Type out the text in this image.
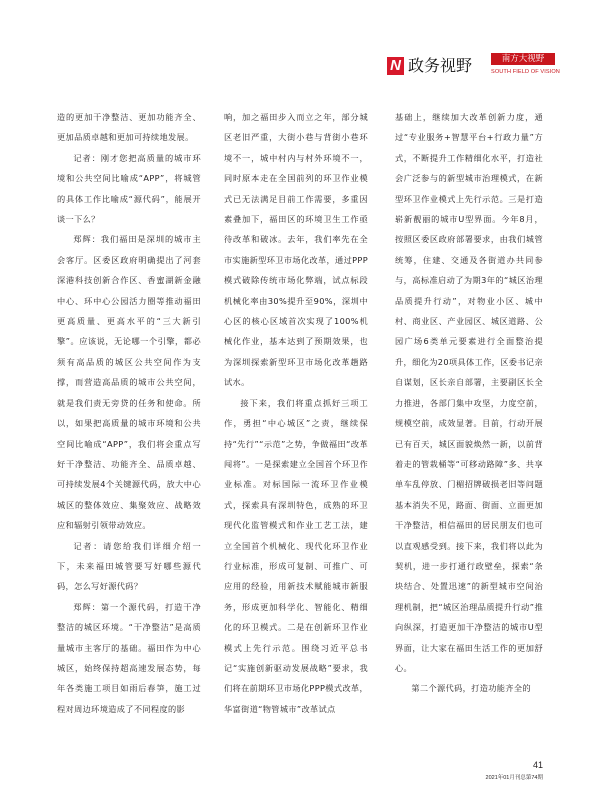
N 政务视野	南方大视野
SOUTH FIELD OF VISION

造的更加干净整洁、更加功能齐全、更加品质卓越和更加可持续地发展。

记者：刚才您把高质量的城市环境和公共空间比喻成“APP”，将城管的具体工作比喻成“源代码”，能展开谈一下么？

郑辉：我们福田是深圳的城市主会客厅。区委区政府明确提出了河套深港科技创新合作区、香蜜湖新金融中心、环中心公园活力圈等推动福田更高质量、更高水平的“三大新引擎”。应该说，无论哪一个引擎，都必须有高品质的城区公共空间作为支撑，而营造高品质的城市公共空间，就是我们责无旁贷的任务和使命。所以，如果把高质量的城市环境和公共空间比喻成“APP”，我们将会重点写好干净整洁、功能齐全、品质卓越、可持续发展4个关键源代码，放大中心城区的整体效应、集聚效应、战略效应和辐射引领带动效应。

记者：请您给我们详细介绍一下，未来福田城管要写好哪些源代码，怎么写好源代码？

郑辉：第一个源代码，打造干净整洁的城区环境。“干净整洁”是高质量城市主客厅的基础。福田作为中心城区，始终保持超高速发展态势，每年各类施工项目如雨后春笋，施工过程对周边环境造成了不同程度的影

响，加之福田步入而立之年，部分城区老旧严重，大街小巷与背街小巷环境不一，城中村内与村外环境不一，同时原本走在全国前列的环卫作业模式已无法满足目前工作需要，多重因素叠加下，福田区的环境卫生工作亟待改革和破冰。去年，我们率先在全市实施新型环卫市场化改革，通过PPP模式破除传统市场化弊端，试点标段机械化率由30%提升至90%，深圳中心区的核心区域首次实现了100%机械化作业，基本达到了预期效果，也为深圳探索新型环卫市场化改革趟路试水。

接下来，我们将重点抓好三项工作，勇担“中心城区”之责，继续保持“先行”“示范”之势，争做福田“改革闯将”。一是探索建立全国首个环卫作业标准。对标国际一流环卫作业模式，探索具有深圳特色，成熟的环卫现代化监管模式和作业工艺工法，建立全国首个机械化、现代化环卫作业行业标准，形成可复制、可推广、可应用的经验，用新技术赋能城市新服务，形成更加科学化、智能化、精细化的环卫模式。二是在创新环卫作业模式上先行示范。围绕习近平总书记“实施创新驱动发展战略”要求，我们将在前期环卫市场化PPP模式改革，华富街道“物管城市”改革试点

基础上，继续加大改革创新力度，通过“专业服务+智慧平台+行政力量”方式，不断提升工作精细化水平，打造社会广泛参与的新型城市治理模式，在新型环卫作业模式上先行示范。三是打造崭新靓丽的城市U型界面。今年8月，按照区委区政府部署要求，由我们城管统筹，住建、交通及各街道办共同参与，高标准启动了为期3年的“城区治理品质提升行动”，对物业小区、城中村、商业区、产业园区、城区道路、公园广场6类单元要素进行全面整治提升，细化为20项具体工作，区委书记亲自谋划，区长亲自部署，主要副区长全力推进，各部门集中攻坚，力度空前，规模空前，成效显著。目前，行动开展已有百天，城区面貌焕然一新，以前背着走的管栽桶等“可移动路障”多、共享单车乱停放、门楣招牌破损老旧等问题基本消失不见，路面、街面、立面更加干净整洁，相信福田的居民朋友们也可以直观感受到。接下来，我们将以此为契机，进一步打通行政壁垒，探索“条块结合、处置迅速”的新型城市空间治理机制，把“城区治理品质提升行动”推向纵深，打造更加干净整洁的城市U型界面，让大家在福田生活工作的更加舒心。

第二个源代码，打造功能齐全的

41
2021年01月刊总第74期
